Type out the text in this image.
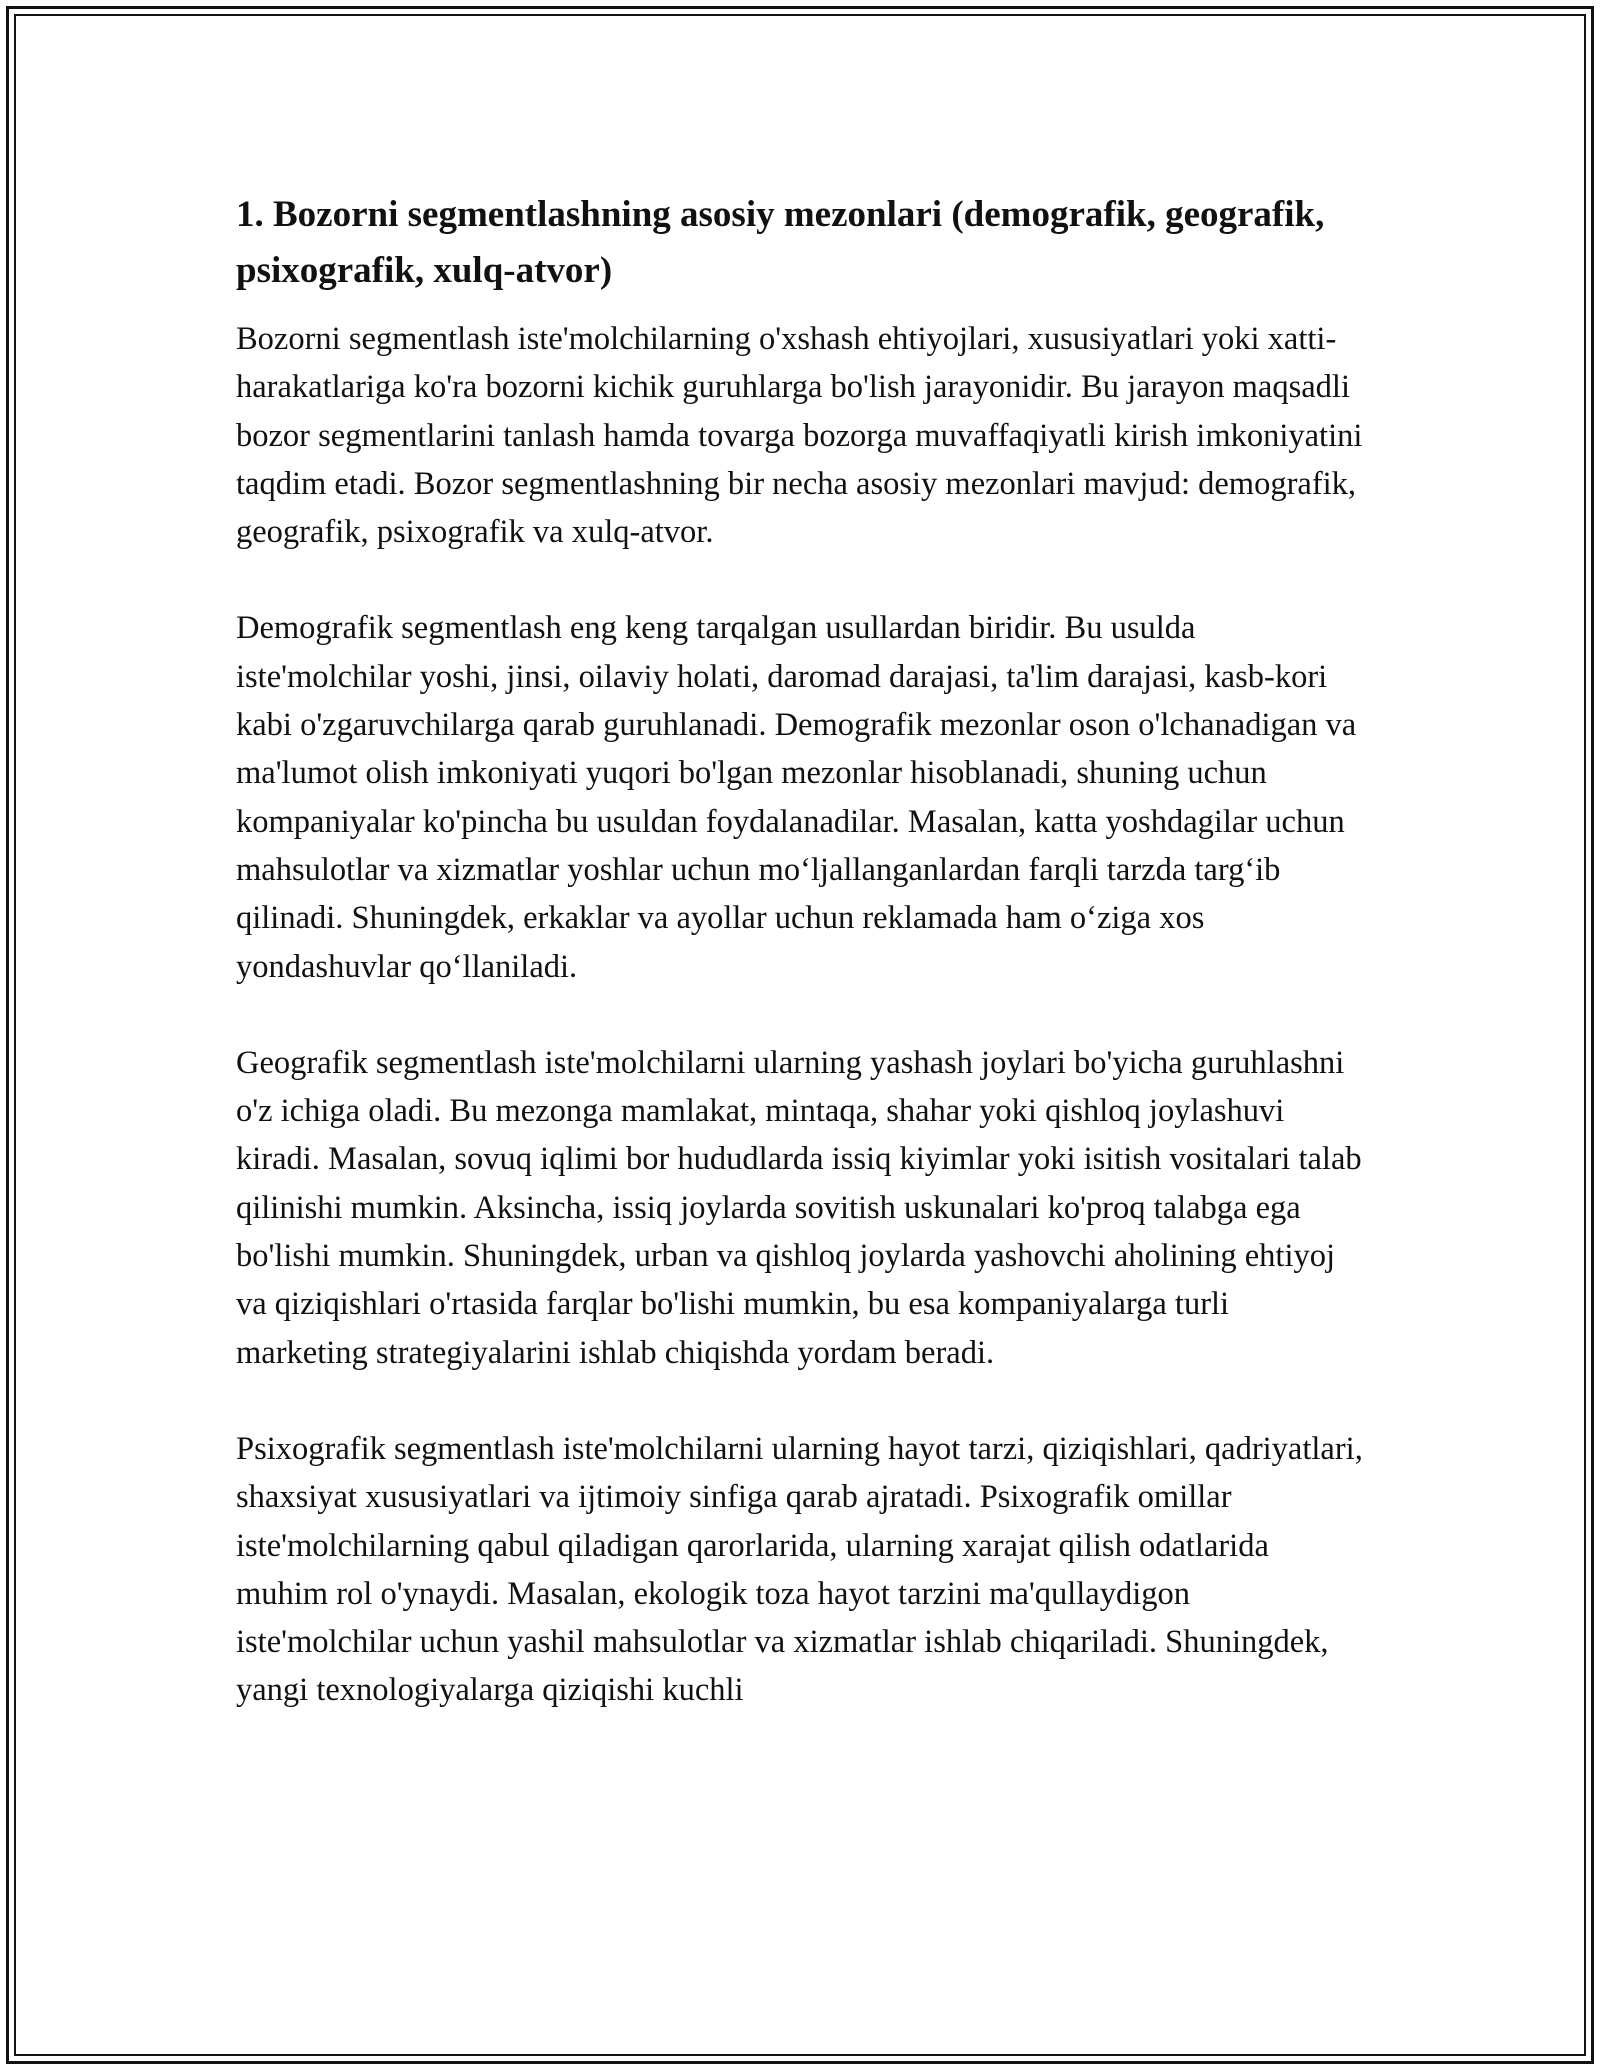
1. Bozorni segmentlashning asosiy mezonlari (demografik, geografik, psixografik, xulq-atvor)

Bozorni segmentlash iste'molchilarning o'xshash ehtiyojlari, xususiyatlari yoki xatti-harakatlariga ko'ra bozorni kichik guruhlarga bo'lish jarayonidir. Bu jarayon maqsadli bozor segmentlarini tanlash hamda tovarga bozorga muvaffaqiyatli kirish imkoniyatini taqdim etadi. Bozor segmentlashning bir necha asosiy mezonlari mavjud: demografik, geografik, psixografik va xulq-atvor.

Demografik segmentlash eng keng tarqalgan usullardan biridir. Bu usulda iste'molchilar yoshi, jinsi, oilaviy holati, daromad darajasi, ta'lim darajasi, kasb-kori kabi o'zgaruvchilarga qarab guruhlanadi. Demografik mezonlar oson o'lchanadigan va ma'lumot olish imkoniyati yuqori bo'lgan mezonlar hisoblanadi, shuning uchun kompaniyalar ko'pincha bu usuldan foydalanadilar. Masalan, katta yoshdagilar uchun mahsulotlar va xizmatlar yoshlar uchun mo‘ljallanganlardan farqli tarzda targ‘ib qilinadi. Shuningdek, erkaklar va ayollar uchun reklamada ham o‘ziga xos yondashuvlar qo‘llaniladi.

Geografik segmentlash iste'molchilarni ularning yashash joylari bo'yicha guruhlashni o'z ichiga oladi. Bu mezonga mamlakat, mintaqa, shahar yoki qishloq joylashuvi kiradi. Masalan, sovuq iqlimi bor hududlarda issiq kiyimlar yoki isitish vositalari talab qilinishi mumkin. Aksincha, issiq joylarda sovitish uskunalari ko'proq talabga ega bo'lishi mumkin. Shuningdek, urban va qishloq joylarda yashovchi aholining ehtiyoj va qiziqishlari o'rtasida farqlar bo'lishi mumkin, bu esa kompaniyalarga turli marketing strategiyalarini ishlab chiqishda yordam beradi.

Psixografik segmentlash iste'molchilarni ularning hayot tarzi, qiziqishlari, qadriyatlari, shaxsiyat xususiyatlari va ijtimoiy sinfiga qarab ajratadi. Psixografik omillar iste'molchilarning qabul qiladigan qarorlarida, ularning xarajat qilish odatlarida muhim rol o'ynaydi. Masalan, ekologik toza hayot tarzini ma'qullaydigon iste'molchilar uchun yashil mahsulotlar va xizmatlar ishlab chiqariladi. Shuningdek, yangi texnologiyalarga qiziqishi kuchli
